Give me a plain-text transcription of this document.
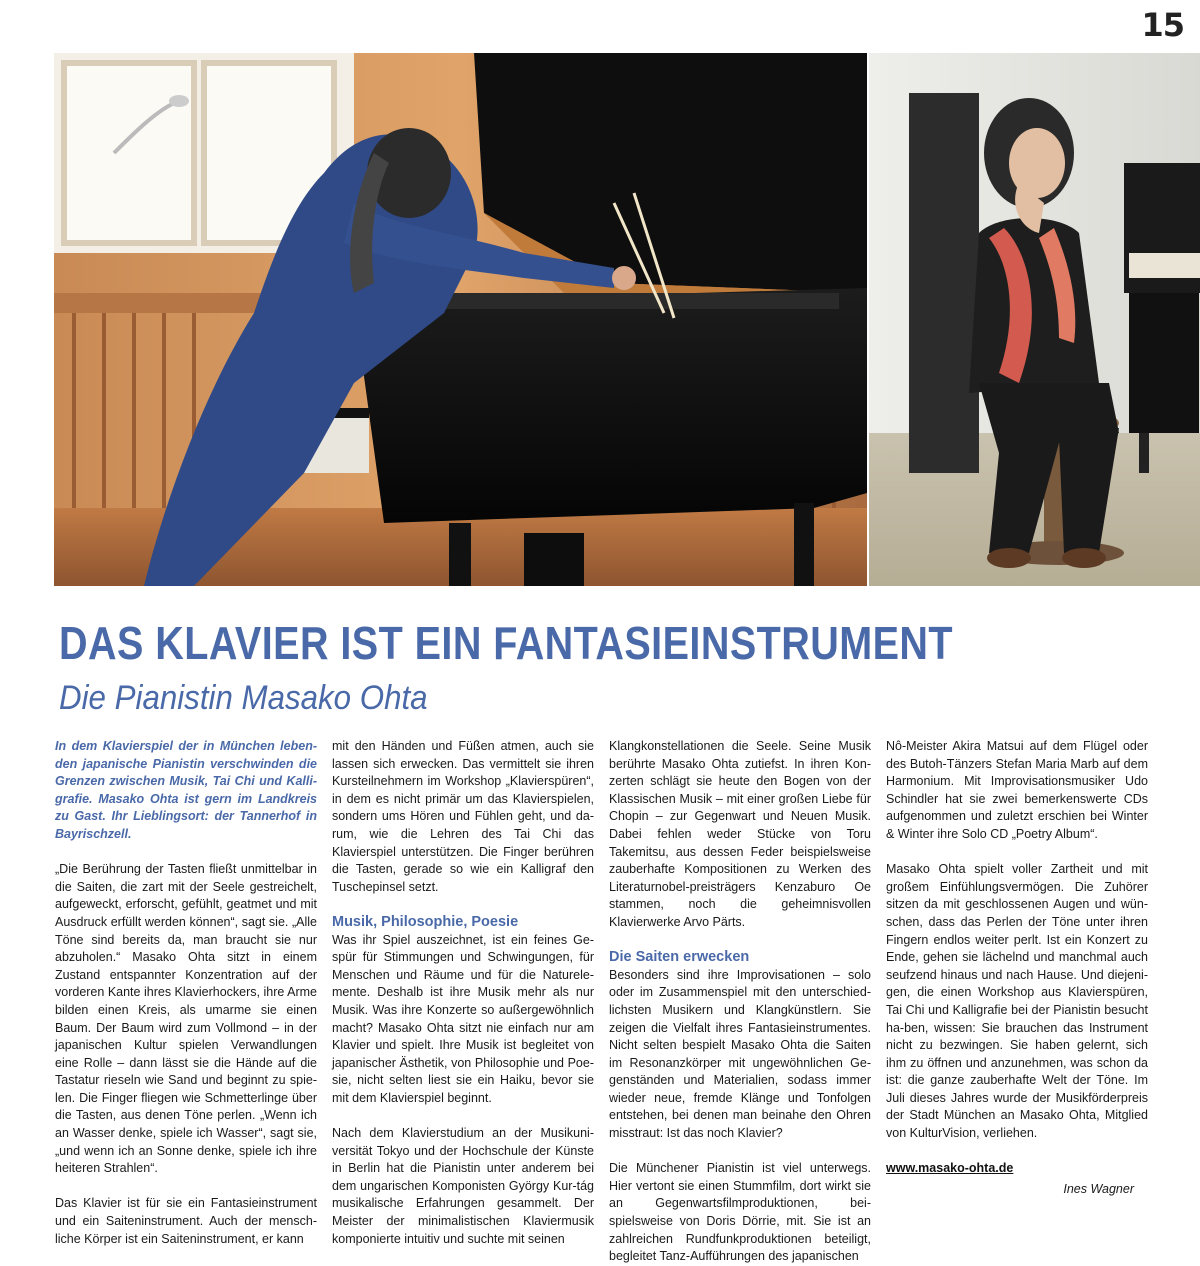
15
DAS KLAVIER IST EIN FANTASIEINSTRUMENT
Die Pianistin Masako Ohta

In dem Klavierspiel der in München leben-den japanische Pianistin verschwinden die Grenzen zwischen Musik, Tai Chi und Kalli-grafie. Masako Ohta ist gern im Landkreis zu Gast. Ihr Lieblingsort: der Tannerhof in Bayrischzell.

„Die Berührung der Tasten fließt unmittelbar in die Saiten, die zart mit der Seele gestreichelt, aufgeweckt, erforscht, gefühlt, geatmet und mit Ausdruck erfüllt werden können“, sagt sie. „Alle Töne sind bereits da, man braucht sie nur abzuholen.“ Masako Ohta sitzt in einem Zustand entspannter Konzentration auf der vorderen Kante ihres Klavierhockers, ihre Arme bilden einen Kreis, als umarme sie einen Baum. Der Baum wird zum Vollmond – in der japanischen Kultur spielen Verwandlungen eine Rolle – dann lässt sie die Hände auf die Tastatur rieseln wie Sand und beginnt zu spie-len. Die Finger fliegen wie Schmetterlinge über die Tasten, aus denen Töne perlen. „Wenn ich an Wasser denke, spiele ich Wasser“, sagt sie, „und wenn ich an Sonne denke, spiele ich ihre heiteren Strahlen“.

Das Klavier ist für sie ein Fantasieinstrument und ein Saiteninstrument. Auch der mensch-liche Körper ist ein Saiteninstrument, er kann

mit den Händen und Füßen atmen, auch sie lassen sich erwecken. Das vermittelt sie ihren Kursteilnehmern im Workshop „Klavierspüren“, in dem es nicht primär um das Klavierspielen, sondern ums Hören und Fühlen geht, und da-rum, wie die Lehren des Tai Chi das Klavierspiel unterstützen. Die Finger berühren die Tasten, gerade so wie ein Kalligraf den Tuschepinsel setzt.

Musik, Philosophie, Poesie

Was ihr Spiel auszeichnet, ist ein feines Ge-spür für Stimmungen und Schwingungen, für Menschen und Räume und für die Naturele-mente. Deshalb ist ihre Musik mehr als nur Musik. Was ihre Konzerte so außergewöhnlich macht? Masako Ohta sitzt nie einfach nur am Klavier und spielt. Ihre Musik ist begleitet von japanischer Ästhetik, von Philosophie und Poe-sie, nicht selten liest sie ein Haiku, bevor sie mit dem Klavierspiel beginnt.

Nach dem Klavierstudium an der Musikuni-versität Tokyo und der Hochschule der Künste in Berlin hat die Pianistin unter anderem bei dem ungarischen Komponisten György Kur-tág musikalische Erfahrungen gesammelt. Der Meister der minimalistischen Klaviermusik komponierte intuitiv und suchte mit seinen

Klangkonstellationen die Seele. Seine Musik berührte Masako Ohta zutiefst. In ihren Kon-zerten schlägt sie heute den Bogen von der Klassischen Musik – mit einer großen Liebe für Chopin – zur Gegenwart und Neuen Musik. Dabei fehlen weder Stücke von Toru Takemitsu, aus dessen Feder beispielsweise zauberhafte Kompositionen zu Werken des Literaturnobel-preisträgers Kenzaburo Oe stammen, noch die geheimnisvollen Klavierwerke Arvo Pärts.

Die Saiten erwecken

Besonders sind ihre Improvisationen – solo oder im Zusammenspiel mit den unterschied-lichsten Musikern und Klangkünstlern. Sie zeigen die Vielfalt ihres Fantasieinstrumentes. Nicht selten bespielt Masako Ohta die Saiten im Resonanzkörper mit ungewöhnlichen Ge-genständen und Materialien, sodass immer wieder neue, fremde Klänge und Tonfolgen entstehen, bei denen man beinahe den Ohren misstraut: Ist das noch Klavier?

Die Münchener Pianistin ist viel unterwegs. Hier vertont sie einen Stummfilm, dort wirkt sie an Gegenwartsfilmproduktionen, bei-spielsweise von Doris Dörrie, mit. Sie ist an zahlreichen Rundfunkproduktionen beteiligt, begleitet Tanz-Aufführungen des japanischen

Nô-Meister Akira Matsui auf dem Flügel oder des Butoh-Tänzers Stefan Maria Marb auf dem Harmonium. Mit Improvisationsmusiker Udo Schindler hat sie zwei bemerkenswerte CDs aufgenommen und zuletzt erschien bei Winter & Winter ihre Solo CD „Poetry Album“.

Masako Ohta spielt voller Zartheit und mit großem Einfühlungsvermögen. Die Zuhörer sitzen da mit geschlossenen Augen und wün-schen, dass das Perlen der Töne unter ihren Fingern endlos weiter perlt. Ist ein Konzert zu Ende, gehen sie lächelnd und manchmal auch seufzend hinaus und nach Hause. Und diejeni-gen, die einen Workshop aus Klavierspüren, Tai Chi und Kalligrafie bei der Pianistin besucht ha-ben, wissen: Sie brauchen das Instrument nicht zu bezwingen. Sie haben gelernt, sich ihm zu öffnen und anzunehmen, was schon da ist: die ganze zauberhafte Welt der Töne. Im Juli dieses Jahres wurde der Musikförderpreis der Stadt München an Masako Ohta, Mitglied von KulturVision, verliehen.

www.masako-ohta.de

Ines Wagner
